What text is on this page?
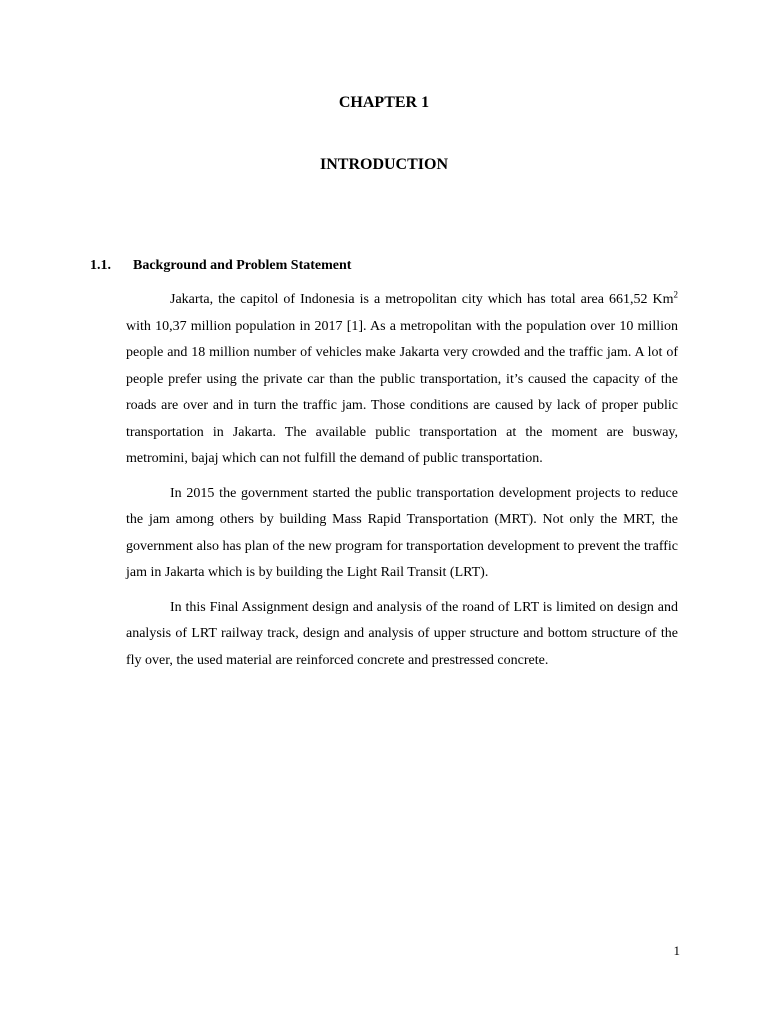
CHAPTER 1
INTRODUCTION
1.1. Background and Problem Statement

Jakarta, the capitol of Indonesia is a metropolitan city which has total area 661,52 Km$^2$ with 10,37 million population in 2017 [1]. As a metropolitan with the population over 10 million people and 18 million number of vehicles make Jakarta very crowded and the traffic jam. A lot of people prefer using the private car than the public transportation, it’s caused the capacity of the roads are over and in turn the traffic jam. Those conditions are caused by lack of proper public transportation in Jakarta. The available public transportation at the moment are busway, metromini, bajaj which can not fulfill the demand of public transportation.

In 2015 the government started the public transportation development projects to reduce the jam among others by building Mass Rapid Transportation (MRT). Not only the MRT, the government also has plan of the new program for transportation development to prevent the traffic jam in Jakarta which is by building the Light Rail Transit (LRT).

In this Final Assignment design and analysis of the roand of LRT is limited on design and analysis of LRT railway track, design and analysis of upper structure and bottom structure of the fly over, the used material are reinforced concrete and prestressed concrete.

1
